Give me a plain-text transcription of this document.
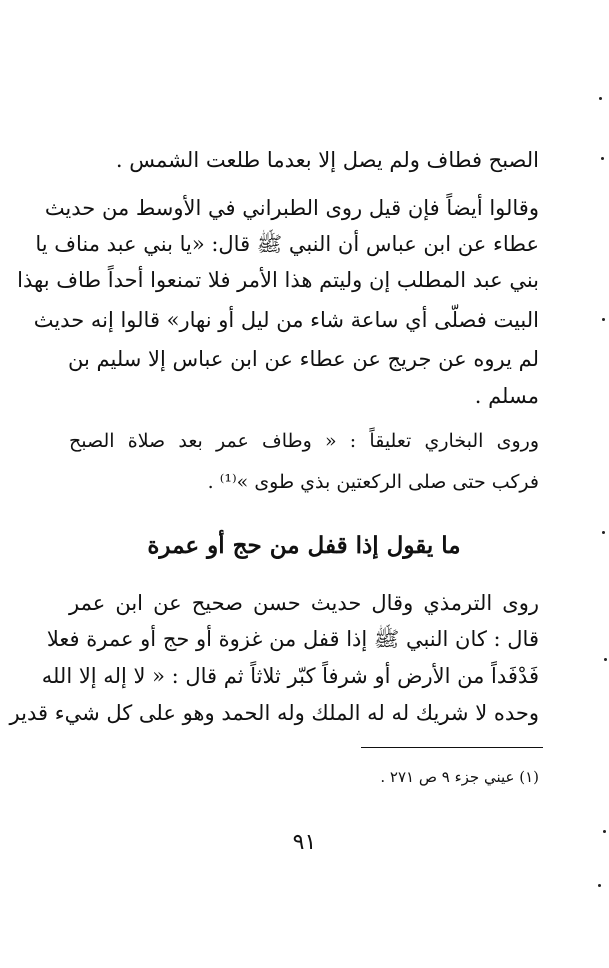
الصبح فطاف ولم يصل إلا بعدما طلعت الشمس .
وقالوا أيضاً فإن قيل روى الطبراني في الأوسط من حديث
عطاء عن ابن عباس أن النبي ﷺ قال: «يا بني عبد مناف يا
بني عبد المطلب إن وليتم هذا الأمر فلا تمنعوا أحداً طاف بهذا
البيت فصلّى أي ساعة شاء من ليل أو نهار» قالوا إنه حديث
لم يروه عن جريج عن عطاء عن ابن عباس إلا سليم بن
مسلم .
وروى البخاري تعليقاً : « وطاف عمر بعد صلاة الصبح
فركب حتى صلى الركعتين بذي طوى »⁽¹⁾ .
ما يقول إذا قفل من حج أو عمرة
روى الترمذي وقال حديث حسن صحيح عن ابن عمر
قال : كان النبي ﷺ إذا قفل من غزوة أو حج أو عمرة فعلا
فَدْفَداً من الأرض أو شرفاً كبّر ثلاثاً ثم قال : « لا إله إلا الله
وحده لا شريك له له الملك وله الحمد وهو على كل شيء قدير
(١) عيني جزء ٩ ص ٢٧١ .
٩١
